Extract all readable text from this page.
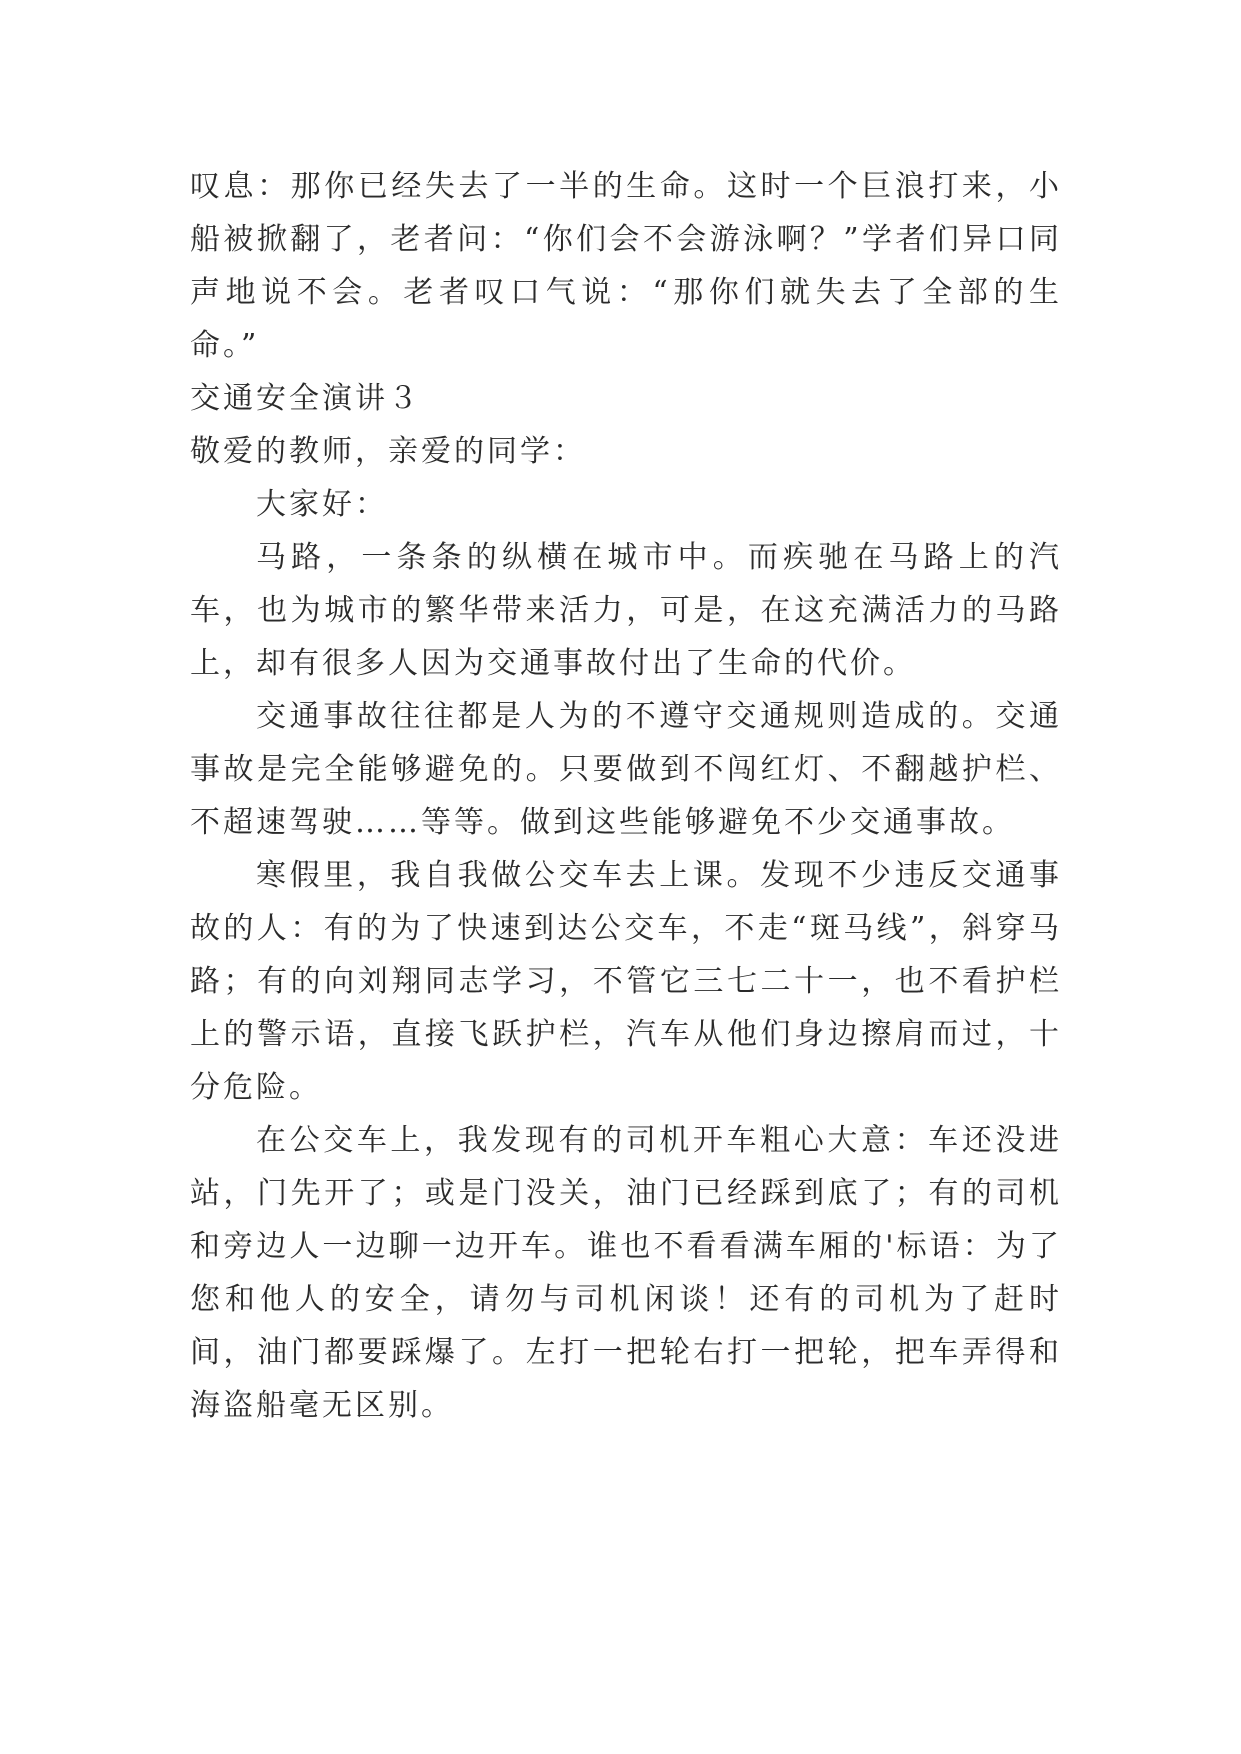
叹息：那你已经失去了一半的生命。这时一个巨浪打来，小船被掀翻了，老者问：“你们会不会游泳啊？”学者们异口同声地说不会。老者叹口气说：“那你们就失去了全部的生命。”

交通安全演讲３

敬爱的教师，亲爱的同学：

大家好：

马路，一条条的纵横在城市中。而疾驰在马路上的汽车，也为城市的繁华带来活力，可是，在这充满活力的马路上，却有很多人因为交通事故付出了生命的代价。

交通事故往往都是人为的不遵守交通规则造成的。交通事故是完全能够避免的。只要做到不闯红灯、不翻越护栏、不超速驾驶……等等。做到这些能够避免不少交通事故。

寒假里，我自我做公交车去上课。发现不少违反交通事故的人：有的为了快速到达公交车，不走“斑马线”，斜穿马路；有的向刘翔同志学习，不管它三七二十一，也不看护栏上的警示语，直接飞跃护栏，汽车从他们身边擦肩而过，十分危险。

在公交车上，我发现有的司机开车粗心大意：车还没进站，门先开了；或是门没关，油门已经踩到底了；有的司机和旁边人一边聊一边开车。谁也不看看满车厢的'标语：为了您和他人的安全，请勿与司机闲谈！还有的司机为了赶时间，油门都要踩爆了。左打一把轮右打一把轮，把车弄得和海盗船毫无区别。
